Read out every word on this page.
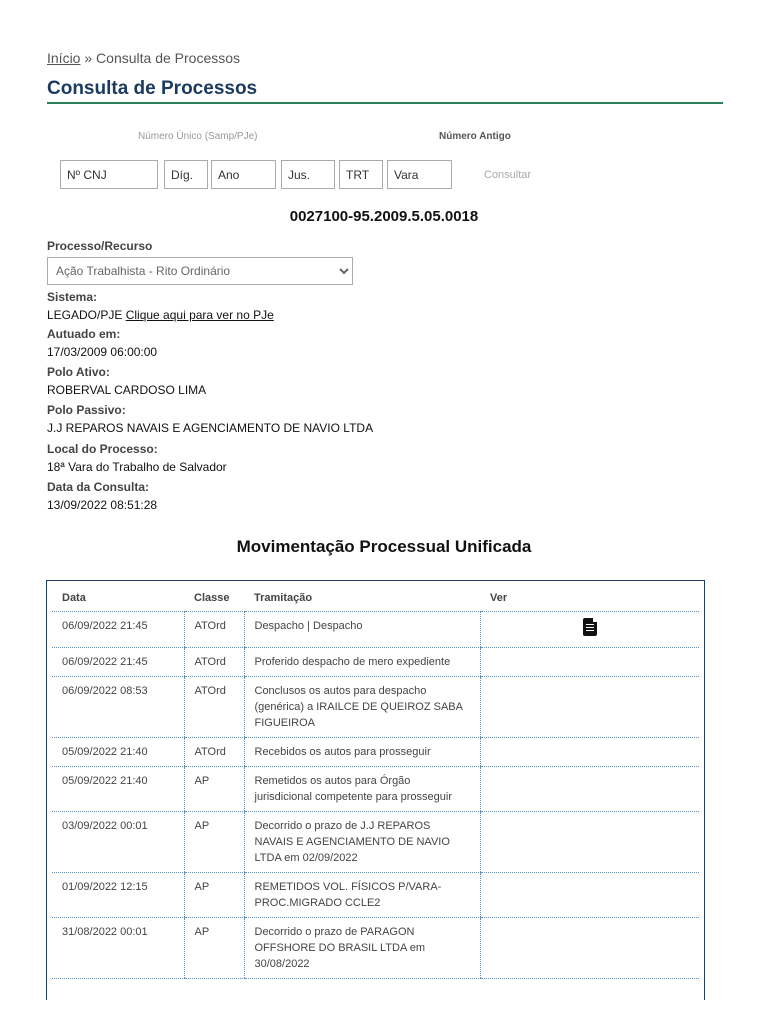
Início » Consulta de Processos
Consulta de Processos
Número Único (Samp/PJe)	Número Antigo
Nº CNJ
Díg.
Ano
Jus.
TRT
Vara
Consultar
0027100-95.2009.5.05.0018
Processo/Recurso
Ação Trabalhista - Rito Ordinário
Sistema:
LEGADO/PJE Clique aqui para ver no PJe
Autuado em:
17/03/2009 06:00:00
Polo Ativo:
ROBERVAL CARDOSO LIMA
Polo Passivo:
J.J REPAROS NAVAIS E AGENCIAMENTO DE NAVIO LTDA
Local do Processo:
18ª Vara do Trabalho de Salvador
Data da Consulta:
13/09/2022 08:51:28
Movimentação Processual Unificada
Data	Classe	Tramitação	Ver
06/09/2022 21:45	ATOrd	Despacho | Despacho	
06/09/2022 21:45	ATOrd	Proferido despacho de mero expediente	
06/09/2022 08:53	ATOrd	Conclusos os autos para despacho (genérica) a IRAILCE DE QUEIROZ SABA FIGUEIROA	
05/09/2022 21:40	ATOrd	Recebidos os autos para prosseguir	
05/09/2022 21:40	AP	Remetidos os autos para Órgão jurisdicional competente para prosseguir	
03/09/2022 00:01	AP	Decorrido o prazo de J.J REPAROS NAVAIS E AGENCIAMENTO DE NAVIO LTDA em 02/09/2022	
01/09/2022 12:15	AP	REMETIDOS VOL. FÍSICOS P/VARA-PROC.MIGRADO CCLE2	
31/08/2022 00:01	AP	Decorrido o prazo de PARAGON OFFSHORE DO BRASIL LTDA em 30/08/2022	
